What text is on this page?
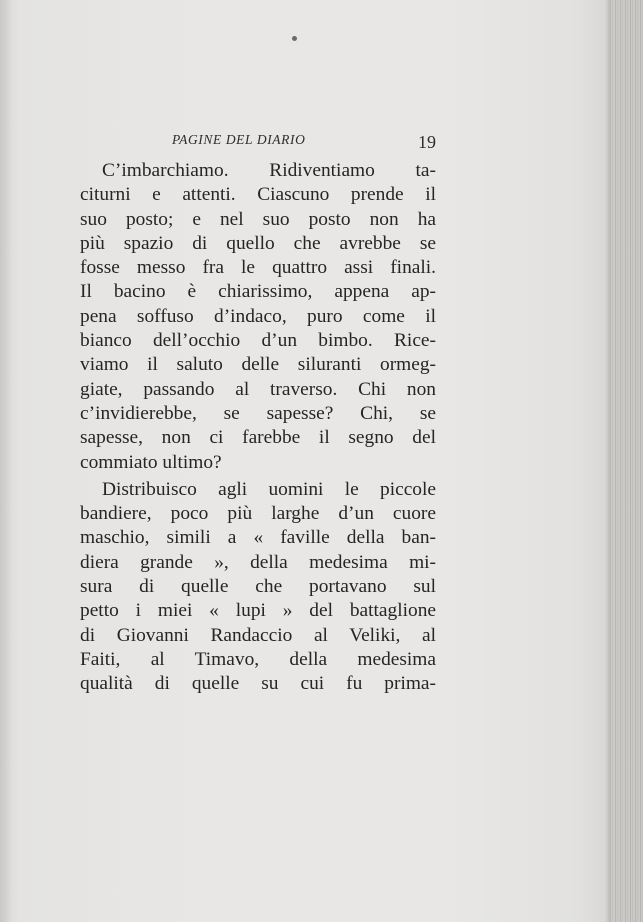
PAGINE DEL DIARIO	19
C’imbarchiamo. Ridiventiamo ta-
citurni e attenti. Ciascuno prende il
suo posto; e nel suo posto non ha
più spazio di quello che avrebbe se
fosse messo fra le quattro assi finali.
Il bacino è chiarissimo, appena ap-
pena soffuso d’indaco, puro come il
bianco dell’occhio d’un bimbo. Rice-
viamo il saluto delle siluranti ormeg-
giate, passando al traverso. Chi non
c’invidierebbe, se sapesse? Chi, se
sapesse, non ci farebbe il segno del
commiato ultimo?
Distribuisco agli uomini le piccole
bandiere, poco più larghe d’un cuore
maschio, simili a « faville della ban-
diera grande », della medesima mi-
sura di quelle che portavano sul
petto i miei « lupi » del battaglione
di Giovanni Randaccio al Veliki, al
Faiti, al Timavo, della medesima
qualità di quelle su cui fu prima-
